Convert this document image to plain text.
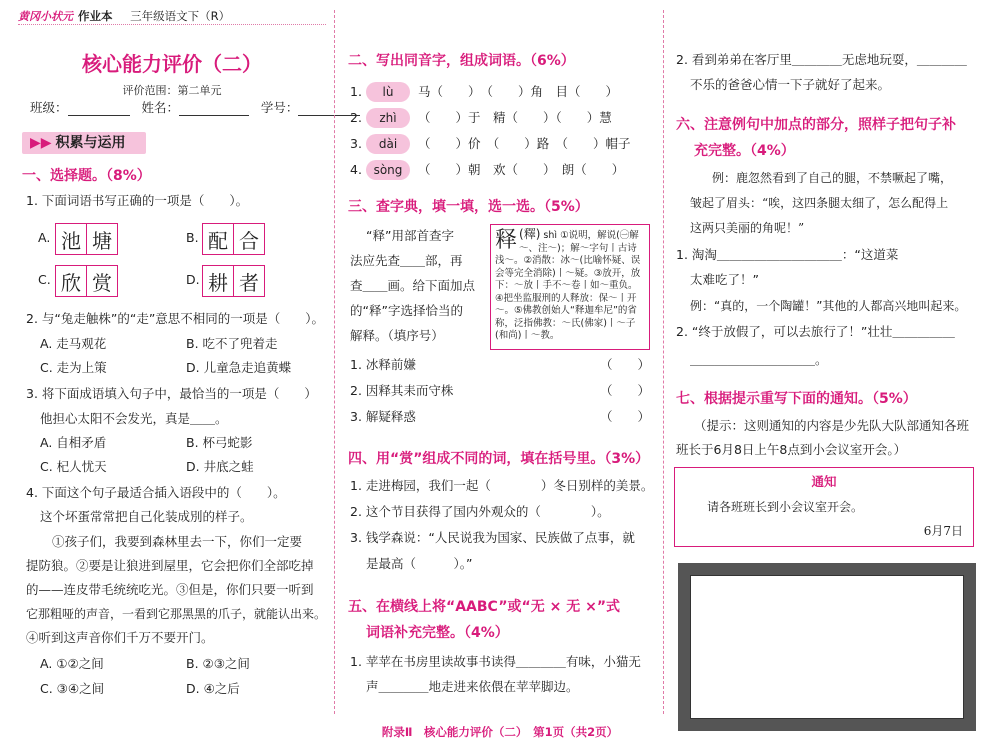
黄冈小状元 作业本 三年级语文下（R）
核心能力评价（二）
评价范围：第二单元
班级：	姓名：	学号：
▶▶ 积累与运用
一、选择题。（8%）
1. 下面词语书写正确的一项是（　　）。
A. 池 塘	B. 配 合
C. 欣 赏	D. 耕 者
2. 与“兔走触株”的“走”意思不相同的一项是（　　）。
A. 走马观花	B. 吃不了兜着走
C. 走为上策	D. 儿童急走追黄蝶
3. 将下面成语填入句子中，最恰当的一项是（　　）
他担心太阳不会发光，真是＿＿。
A. 自相矛盾	B. 杯弓蛇影
C. 杞人忧天	D. 井底之蛙
4. 下面这个句子最适合插入语段中的（　　）。
这个坏蛋常常把自己化装成別的样子。
①孩子们，我要到森林里去一下，你们一定要
提防狼。②要是让狼进到屋里，它会把你们全部吃掉
的——连皮带毛统统吃光。③但是，你们只要一听到
它那粗哑的声音，一看到它那黑黑的爪子，就能认出来。
④听到这声音你们千万不要开门。
A. ①②之间	B. ②③之间
C. ③④之间	D. ④之后
二、写出同音字，组成词语。（6%）
1.	lù	马（　　）　（　　）角　目（　　）
2.	zhì	（　　）于　精（　　）（　　）慧
3.	dài	（　　）价　（　　）路　（　　）帽子
4. sòng	（　　）朝　欢（　　）　朗（　　）
三、查字典，填一填，选一选。（5%）
“释”用部首查字
法应先查＿＿部，再
查＿＿画。给下面加点
的“释”字选择恰当的
解释。（填序号）
释 (釋) shì ①说明，解说(㊀解～、注～)；解～字句丨古诗浅～。②消散：冰～(比喻怀疑、误会等完全消除)丨～疑。③放开，放下：～放丨手不～卷丨如～重负。④把坐监服刑的人释放：保～丨开～。⑤佛教创始人“释迦牟尼”的省称，泛指佛教：～氏(佛家)丨～子(和尚)丨～教。
1. 冰释前嫌	（　　）
2. 因释其耒而守株	（　　）
3. 解疑释惑	（　　）
四、用“赏”组成不同的词，填在括号里。（3%）
1. 走进梅园，我们一起（　　　　）冬日别样的美景。
2. 这个节目获得了国内外观众的（　　　　）。
3. 钱学森说：“人民说我为国家、民族做了点事，就
是最高（　　　）。”
五、在横线上将“AABC”或“无 × 无 ×”式
词语补充完整。（4%）
1. 苹苹在书房里读故事书读得＿＿＿＿有味，小猫无
声＿＿＿＿地走进来依偎在苹苹脚边。
附录Ⅱ　核心能力评价（二）　第1页（共2页）
2. 看到弟弟在客厅里＿＿＿＿无虑地玩耍，＿＿＿＿
不乐的爸爸心情一下子就好了起来。
六、注意例句中加点的部分，照样子把句子补
充完整。（4%）
例：鹿忽然看到了自己的腿，不禁噘起了嘴，
皱起了眉头：“唉，这四条腿太细了，怎么配得上
这两只美丽的角呢！”
1. 淘淘＿＿＿＿＿＿＿＿＿＿：“这道菜
太难吃了！”
例：“真的，一个陶罐！”其他的人都高兴地叫起来。
2. “终于放假了，可以去旅行了！”壮壮＿＿＿＿＿
＿＿＿＿＿＿＿＿＿＿。
七、根据提示重写下面的通知。（5%）
（提示：这则通知的内容是少先队大队部通知各班
班长于6月8日上午8点到小会议室开会。）
通知
请各班班长到小会议室开会。
6月7日
